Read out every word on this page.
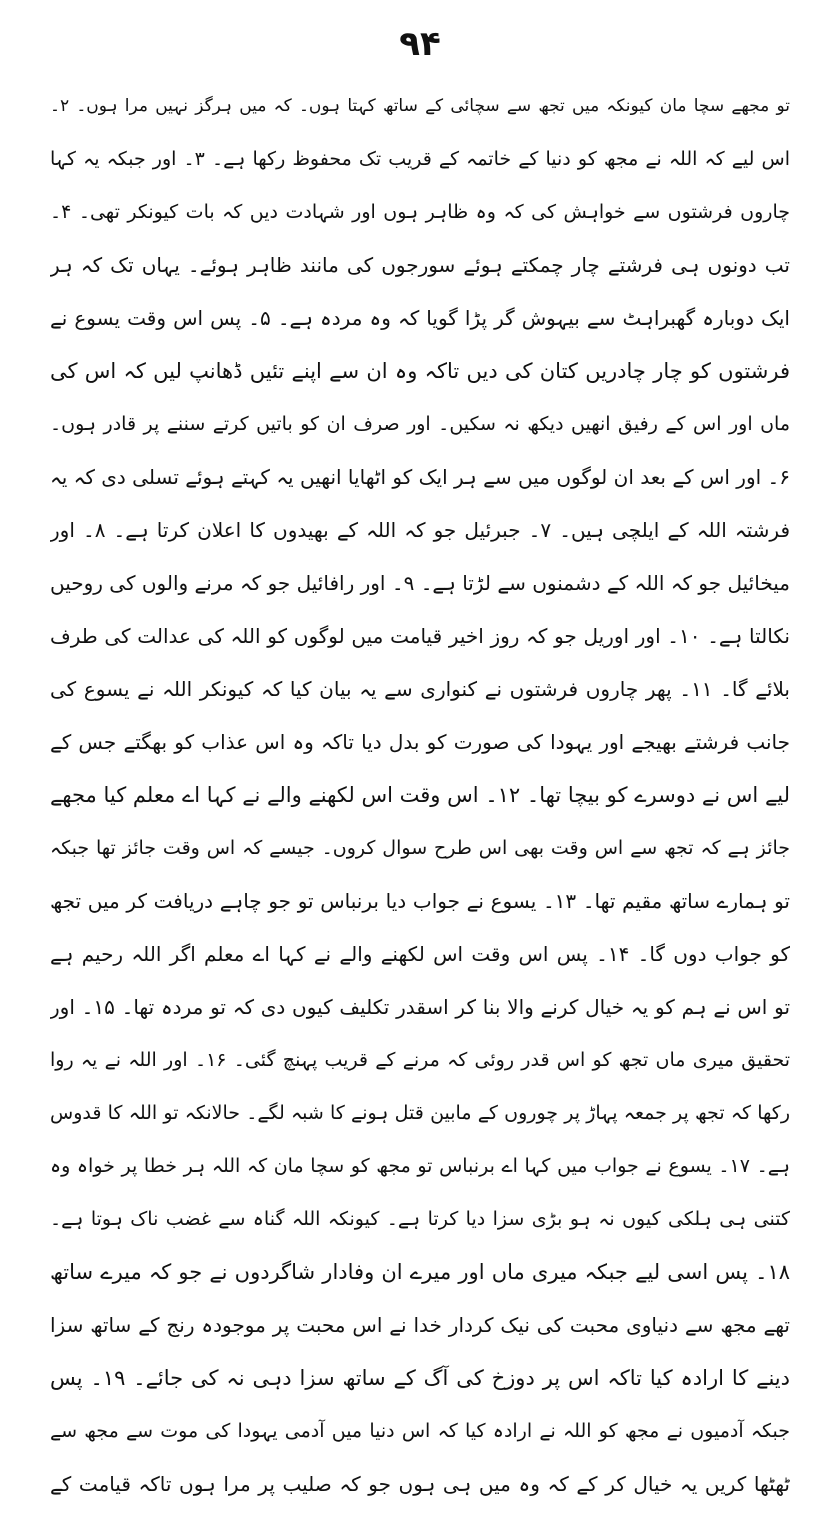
۹۴
تو مجھے سچا مان کیونکہ میں تجھ سے سچائی کے ساتھ کہتا ہوں۔ کہ میں ہرگز نہیں مرا ہوں۔ ۲۔
اس لیے کہ اللہ نے مجھ کو دنیا کے خاتمہ کے قریب تک محفوظ رکھا ہے۔ ۳۔ اور جبکہ یہ کہا
چاروں فرشتوں سے خواہش کی کہ وہ ظاہر ہوں اور شہادت دیں کہ بات کیونکر تھی۔ ۴۔
تب دونوں ہی فرشتے چار چمکتے ہوئے سورجوں کی مانند ظاہر ہوئے۔ یہاں تک کہ ہر
ایک دوبارہ گھبراہٹ سے بیہوش گر پڑا گویا کہ وہ مردہ ہے۔ ۵۔ پس اس وقت یسوع نے
فرشتوں کو چار چادریں کتان کی دیں تاکہ وہ ان سے اپنے تئیں ڈھانپ لیں کہ اس کی
ماں اور اس کے رفیق انھیں دیکھ نہ سکیں۔ اور صرف ان کو باتیں کرتے سننے پر قادر ہوں۔
۶۔ اور اس کے بعد ان لوگوں میں سے ہر ایک کو اٹھایا انھیں یہ کہتے ہوئے تسلی دی کہ یہ
فرشتہ اللہ کے ایلچی ہیں۔ ۷۔ جبرئیل جو کہ اللہ کے بھیدوں کا اعلان کرتا ہے۔ ۸۔ اور
میخائیل جو کہ اللہ کے دشمنوں سے لڑتا ہے۔ ۹۔ اور رافائیل جو کہ مرنے والوں کی روحیں
نکالتا ہے۔ ۱۰۔ اور اوریل جو کہ روز اخیر قیامت میں لوگوں کو اللہ کی عدالت کی طرف
بلائے گا۔ ۱۱۔ پھر چاروں فرشتوں نے کنواری سے یہ بیان کیا کہ کیونکر اللہ نے یسوع کی
جانب فرشتے بھیجے اور یہودا کی صورت کو بدل دیا تاکہ وہ اس عذاب کو بھگتے جس کے
لیے اس نے دوسرے کو بیچا تھا۔ ۱۲۔ اس وقت اس لکھنے والے نے کہا اے معلم کیا مجھے
جائز ہے کہ تجھ سے اس وقت بھی اس طرح سوال کروں۔ جیسے کہ اس وقت جائز تھا جبکہ
تو ہمارے ساتھ مقیم تھا۔ ۱۳۔ یسوع نے جواب دیا برنباس تو جو چاہے دریافت کر میں تجھ
کو جواب دوں گا۔ ۱۴۔ پس اس وقت اس لکھنے والے نے کہا اے معلم اگر اللہ رحیم ہے
تو اس نے ہم کو یہ خیال کرنے والا بنا کر اسقدر تکلیف کیوں دی کہ تو مردہ تھا۔ ۱۵۔ اور
تحقیق میری ماں تجھ کو اس قدر روئی کہ مرنے کے قریب پہنچ گئی۔ ۱۶۔ اور اللہ نے یہ روا
رکھا کہ تجھ پر جمعہ پہاڑ پر چوروں کے مابین قتل ہونے کا شبہ لگے۔ حالانکہ تو اللہ کا قدوس
ہے۔ ۱۷۔ یسوع نے جواب میں کہا اے برنباس تو مجھ کو سچا مان کہ اللہ ہر خطا پر خواہ وہ
کتنی ہی ہلکی کیوں نہ ہو بڑی سزا دیا کرتا ہے۔ کیونکہ اللہ گناہ سے غضب ناک ہوتا ہے۔
۱۸۔ پس اسی لیے جبکہ میری ماں اور میرے ان وفادار شاگردوں نے جو کہ میرے ساتھ
تھے مجھ سے دنیاوی محبت کی نیک کردار خدا نے اس محبت پر موجودہ رنج کے ساتھ سزا
دینے کا ارادہ کیا تاکہ اس پر دوزخ کی آگ کے ساتھ سزا دہی نہ کی جائے۔ ۱۹۔ پس
جبکہ آدمیوں نے مجھ کو اللہ نے ارادہ کیا کہ اس دنیا میں آدمی یہودا کی موت سے مجھ سے
ٹھٹھا کریں یہ خیال کر کے کہ وہ میں ہی ہوں جو کہ صلیب پر مرا ہوں تاکہ قیامت کے
